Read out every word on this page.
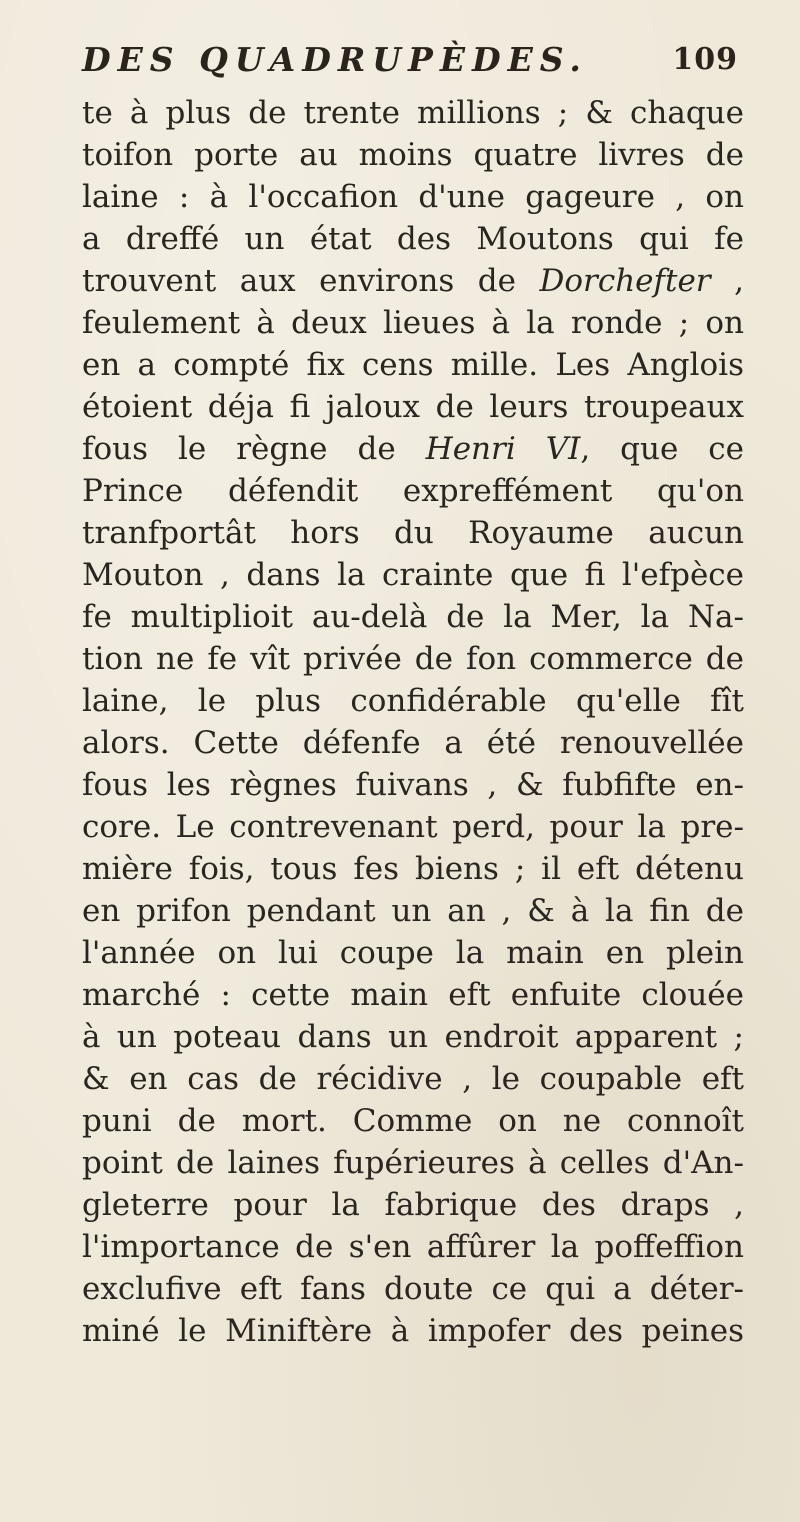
DES QUADRUPÈDES.	109
te à plus de trente millions ; & chaque
toifon porte au moins quatre livres de
laine : à l'occafion d'une gageure , on
a dreffé un état des Moutons qui fe
trouvent aux environs de Dorchefter ,
feulement à deux lieues à la ronde ; on
en a compté fix cens mille. Les Anglois
étoient déja fi jaloux de leurs troupeaux
fous le règne de Henri VI, que ce
Prince défendit expreffément qu'on
tranfportât hors du Royaume aucun
Mouton , dans la crainte que fi l'efpèce
fe multiplioit au-delà de la Mer, la Na-
tion ne fe vît privée de fon commerce de
laine, le plus confidérable qu'elle fît
alors. Cette défenfe a été renouvellée
fous les règnes fuivans , & fubfifte en-
core. Le contrevenant perd, pour la pre-
mière fois, tous fes biens ; il eft détenu
en prifon pendant un an , & à la fin de
l'année on lui coupe la main en plein
marché : cette main eft enfuite clouée
à un poteau dans un endroit apparent ;
& en cas de récidive , le coupable eft
puni de mort. Comme on ne connoît
point de laines fupérieures à celles d'An-
gleterre pour la fabrique des draps ,
l'importance de s'en affûrer la poffeffion
exclufive eft fans doute ce qui a déter-
miné le Miniftère à impofer des peines
